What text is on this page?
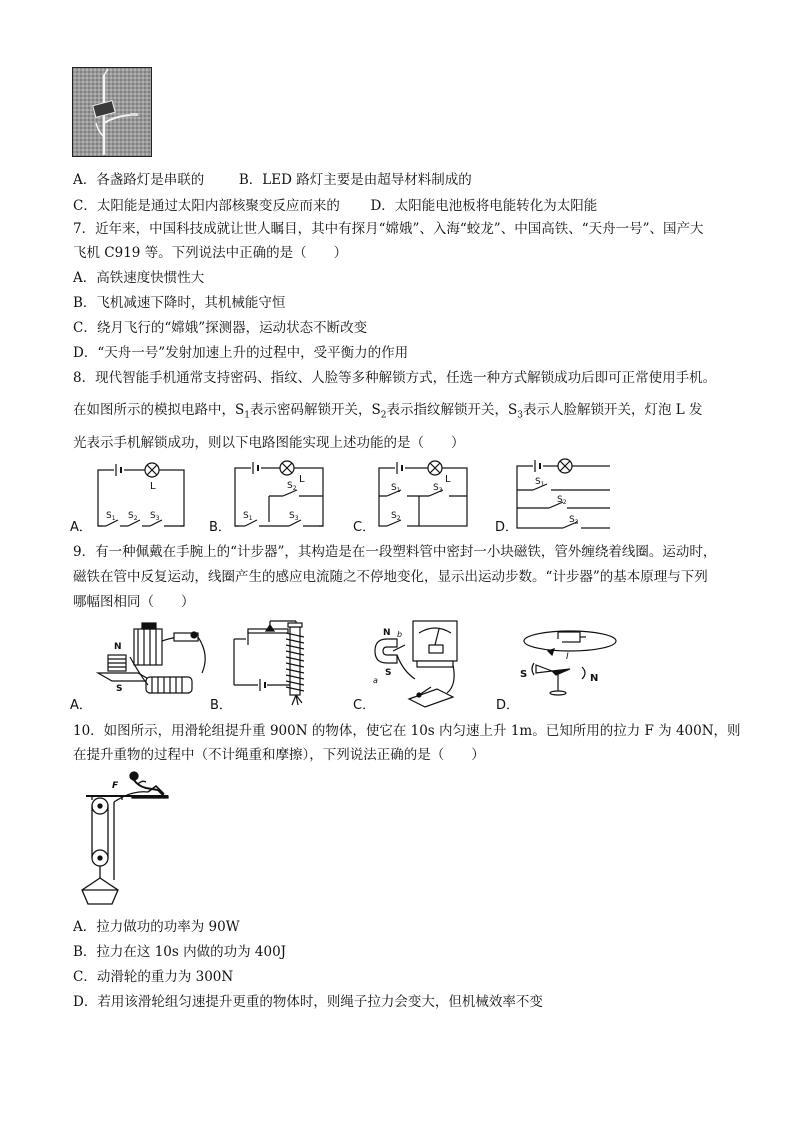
A．各盏路灯是串联的	B．LED 路灯主要是由超导材料制成的
C．太阳能是通过太阳内部核聚变反应而来的 D．太阳能电池板将电能转化为太阳能
7．近年来，中国科技成就让世人瞩目，其中有探月“嫦娥”、入海“蛟龙”、中国高铁、“天舟一号”、国产大
飞机 C919 等。下列说法中正确的是（　　）
A．高铁速度快惯性大
B．飞机减速下降时，其机械能守恒
C．绕月飞行的“嫦娥”探测器，运动状态不断改变
D．“天舟一号”发射加速上升的过程中，受平衡力的作用
8．现代智能手机通常支持密码、指纹、人脸等多种解锁方式，任选一种方式解锁成功后即可正常使用手机。
在如图所示的模拟电路中，$S_1$表示密码解锁开关，$S_2$表示指纹解锁开关，$S_3$表示人脸解锁开关，灯泡 L 发
光表示手机解锁成功，则以下电路图能实现上述功能的是（　　）
A．
L
$S_1$ $S_2$ $S_3$
B．
L
$S_2$
$S_1$	$S_3$
C．
L
$S_1$	$S_3$
$S_2$
D．
$S_1$
$S_2$
$S_3$
9．有一种佩戴在手腕上的“计步器”，其构造是在一段塑料管中密封一小块磁铁，管外缠绕着线圈。运动时，
磁铁在管中反复运动，线圈产生的感应电流随之不停地变化，显示出运动步数。“计步器”的基本原理与下列
哪幅图相同（　　）
A．
N
S
B．	C．
N
S
b
a
D．
I
S	N
10．如图所示，用滑轮组提升重 900N 的物体，使它在 10s 内匀速上升 1m。已知所用的拉力 F 为 400N，则
在提升重物的过程中（不计绳重和摩擦），下列说法正确的是（　　）
F
A．拉力做功的功率为 90W
B．拉力在这 10s 内做的功为 400J
C．动滑轮的重力为 300N
D．若用该滑轮组匀速提升更重的物体时，则绳子拉力会变大，但机械效率不变
